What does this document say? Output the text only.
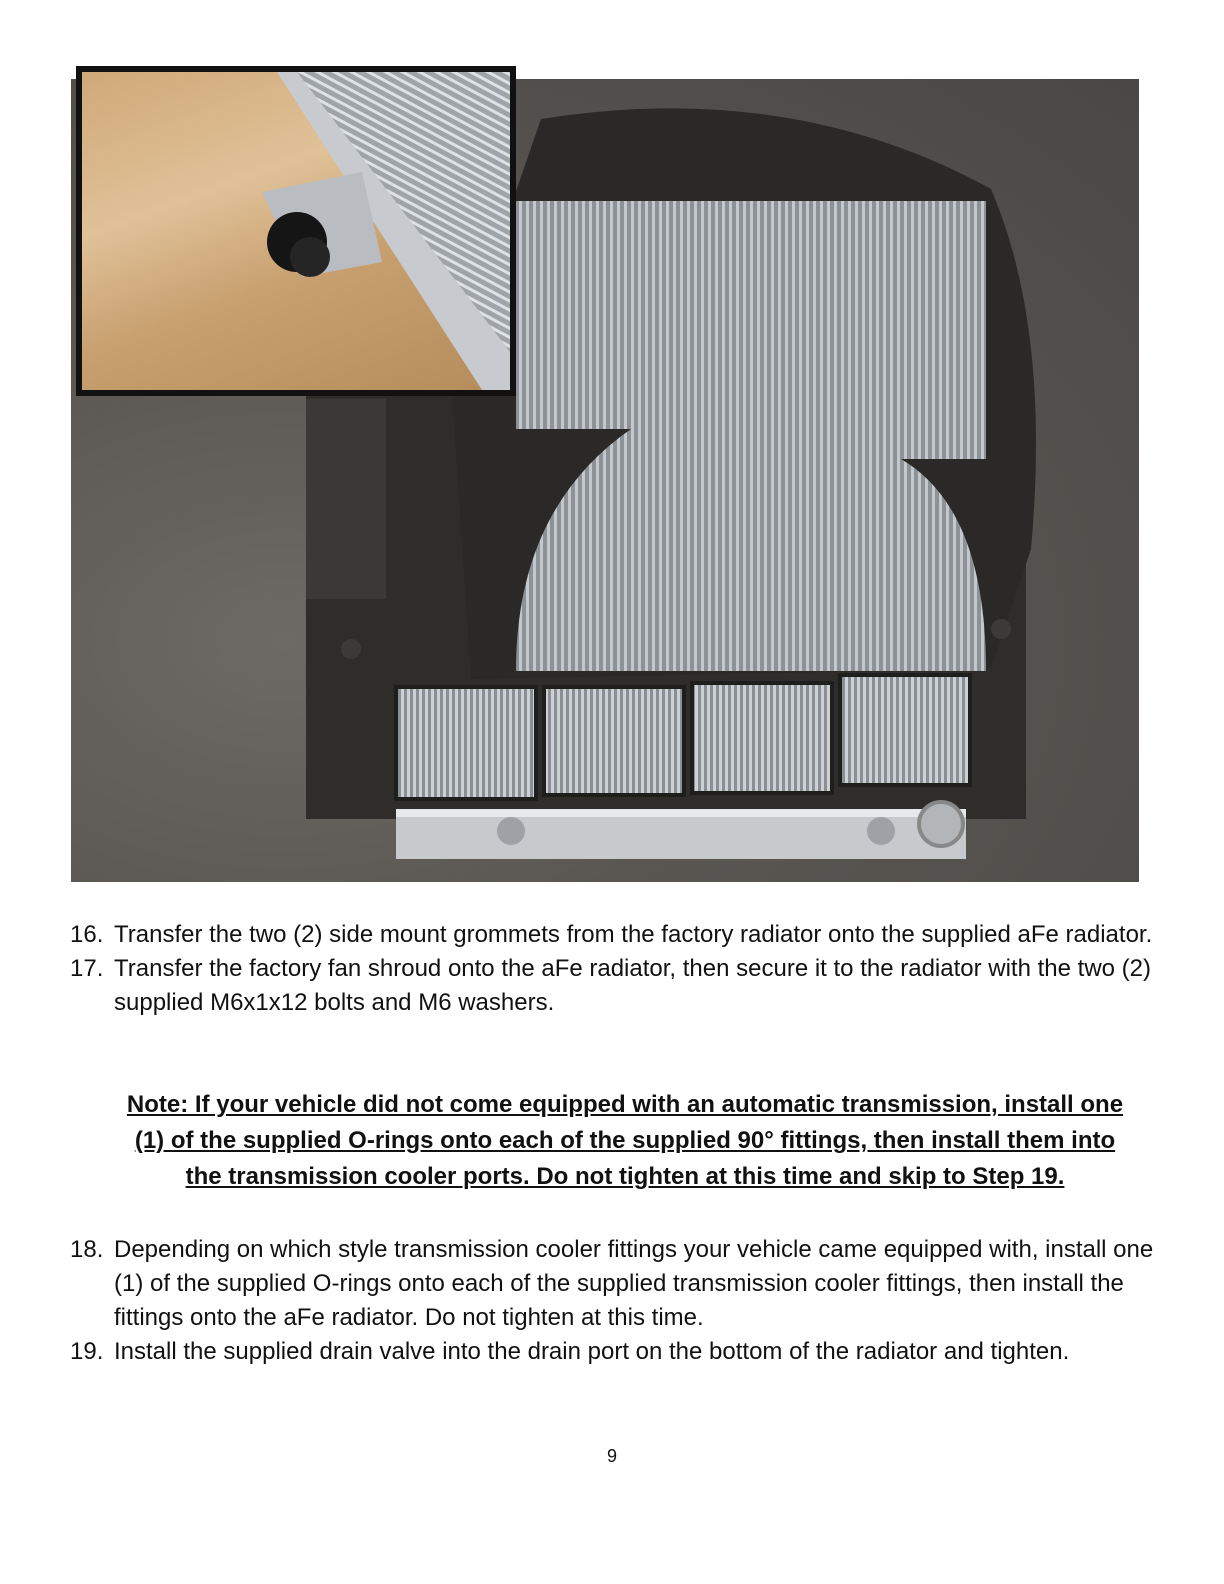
16. Transfer the two (2) side mount grommets from the factory radiator onto the supplied aFe radiator.
17. Transfer the factory fan shroud onto the aFe radiator, then secure it to the radiator with the two (2) supplied M6x1x12 bolts and M6 washers.
Note: If your vehicle did not come equipped with an automatic transmission, install one
(1) of the supplied O-rings onto each of the supplied 90° fittings, then install them into
the transmission cooler ports. Do not tighten at this time and skip to Step 19.
18. Depending on which style transmission cooler fittings your vehicle came equipped with, install one (1) of the supplied O-rings onto each of the supplied transmission cooler fittings, then install the fittings onto the aFe radiator. Do not tighten at this time.
19. Install the supplied drain valve into the drain port on the bottom of the radiator and tighten.
9
